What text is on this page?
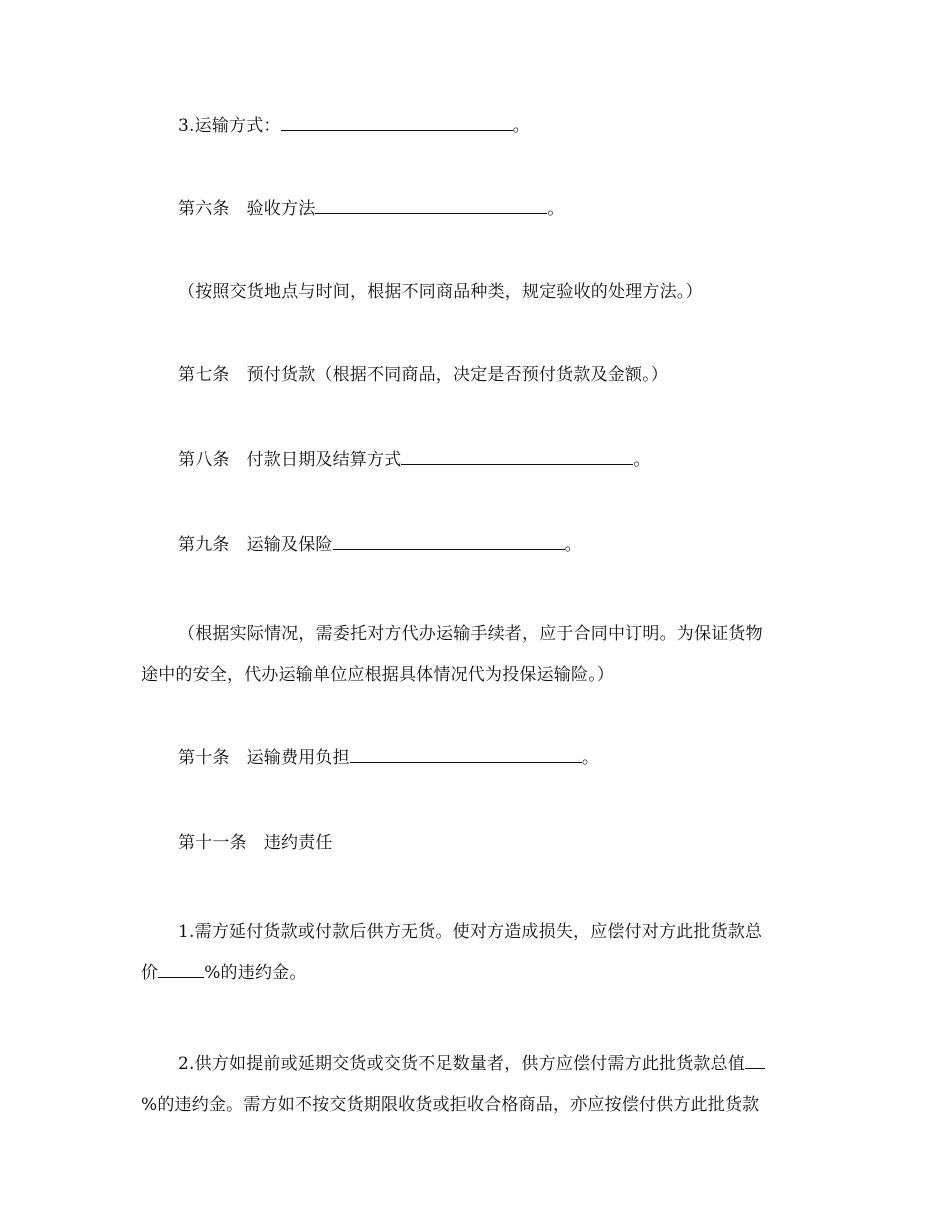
3.运输方式：	。
第六条 验收方法	。
（按照交货地点与时间，根据不同商品种类，规定验收的处理方法。）
第七条 预付货款（根据不同商品，决定是否预付货款及金额。）
第八条 付款日期及结算方式	。
第九条 运输及保险	。
（根据实际情况，需委托对方代办运输手续者，应于合同中订明。为保证货物
途中的安全，代办运输单位应根据具体情况代为投保运输险。）
第十条 运输费用负担	。
第十一条 违约责任
1.需方延付货款或付款后供方无货。使对方造成损失，应偿付对方此批货款总
价	%的违约金。
2.供方如提前或延期交货或交货不足数量者，供方应偿付需方此批货款总值
%的违约金。需方如不按交货期限收货或拒收合格商品，亦应按偿付供方此批货款
